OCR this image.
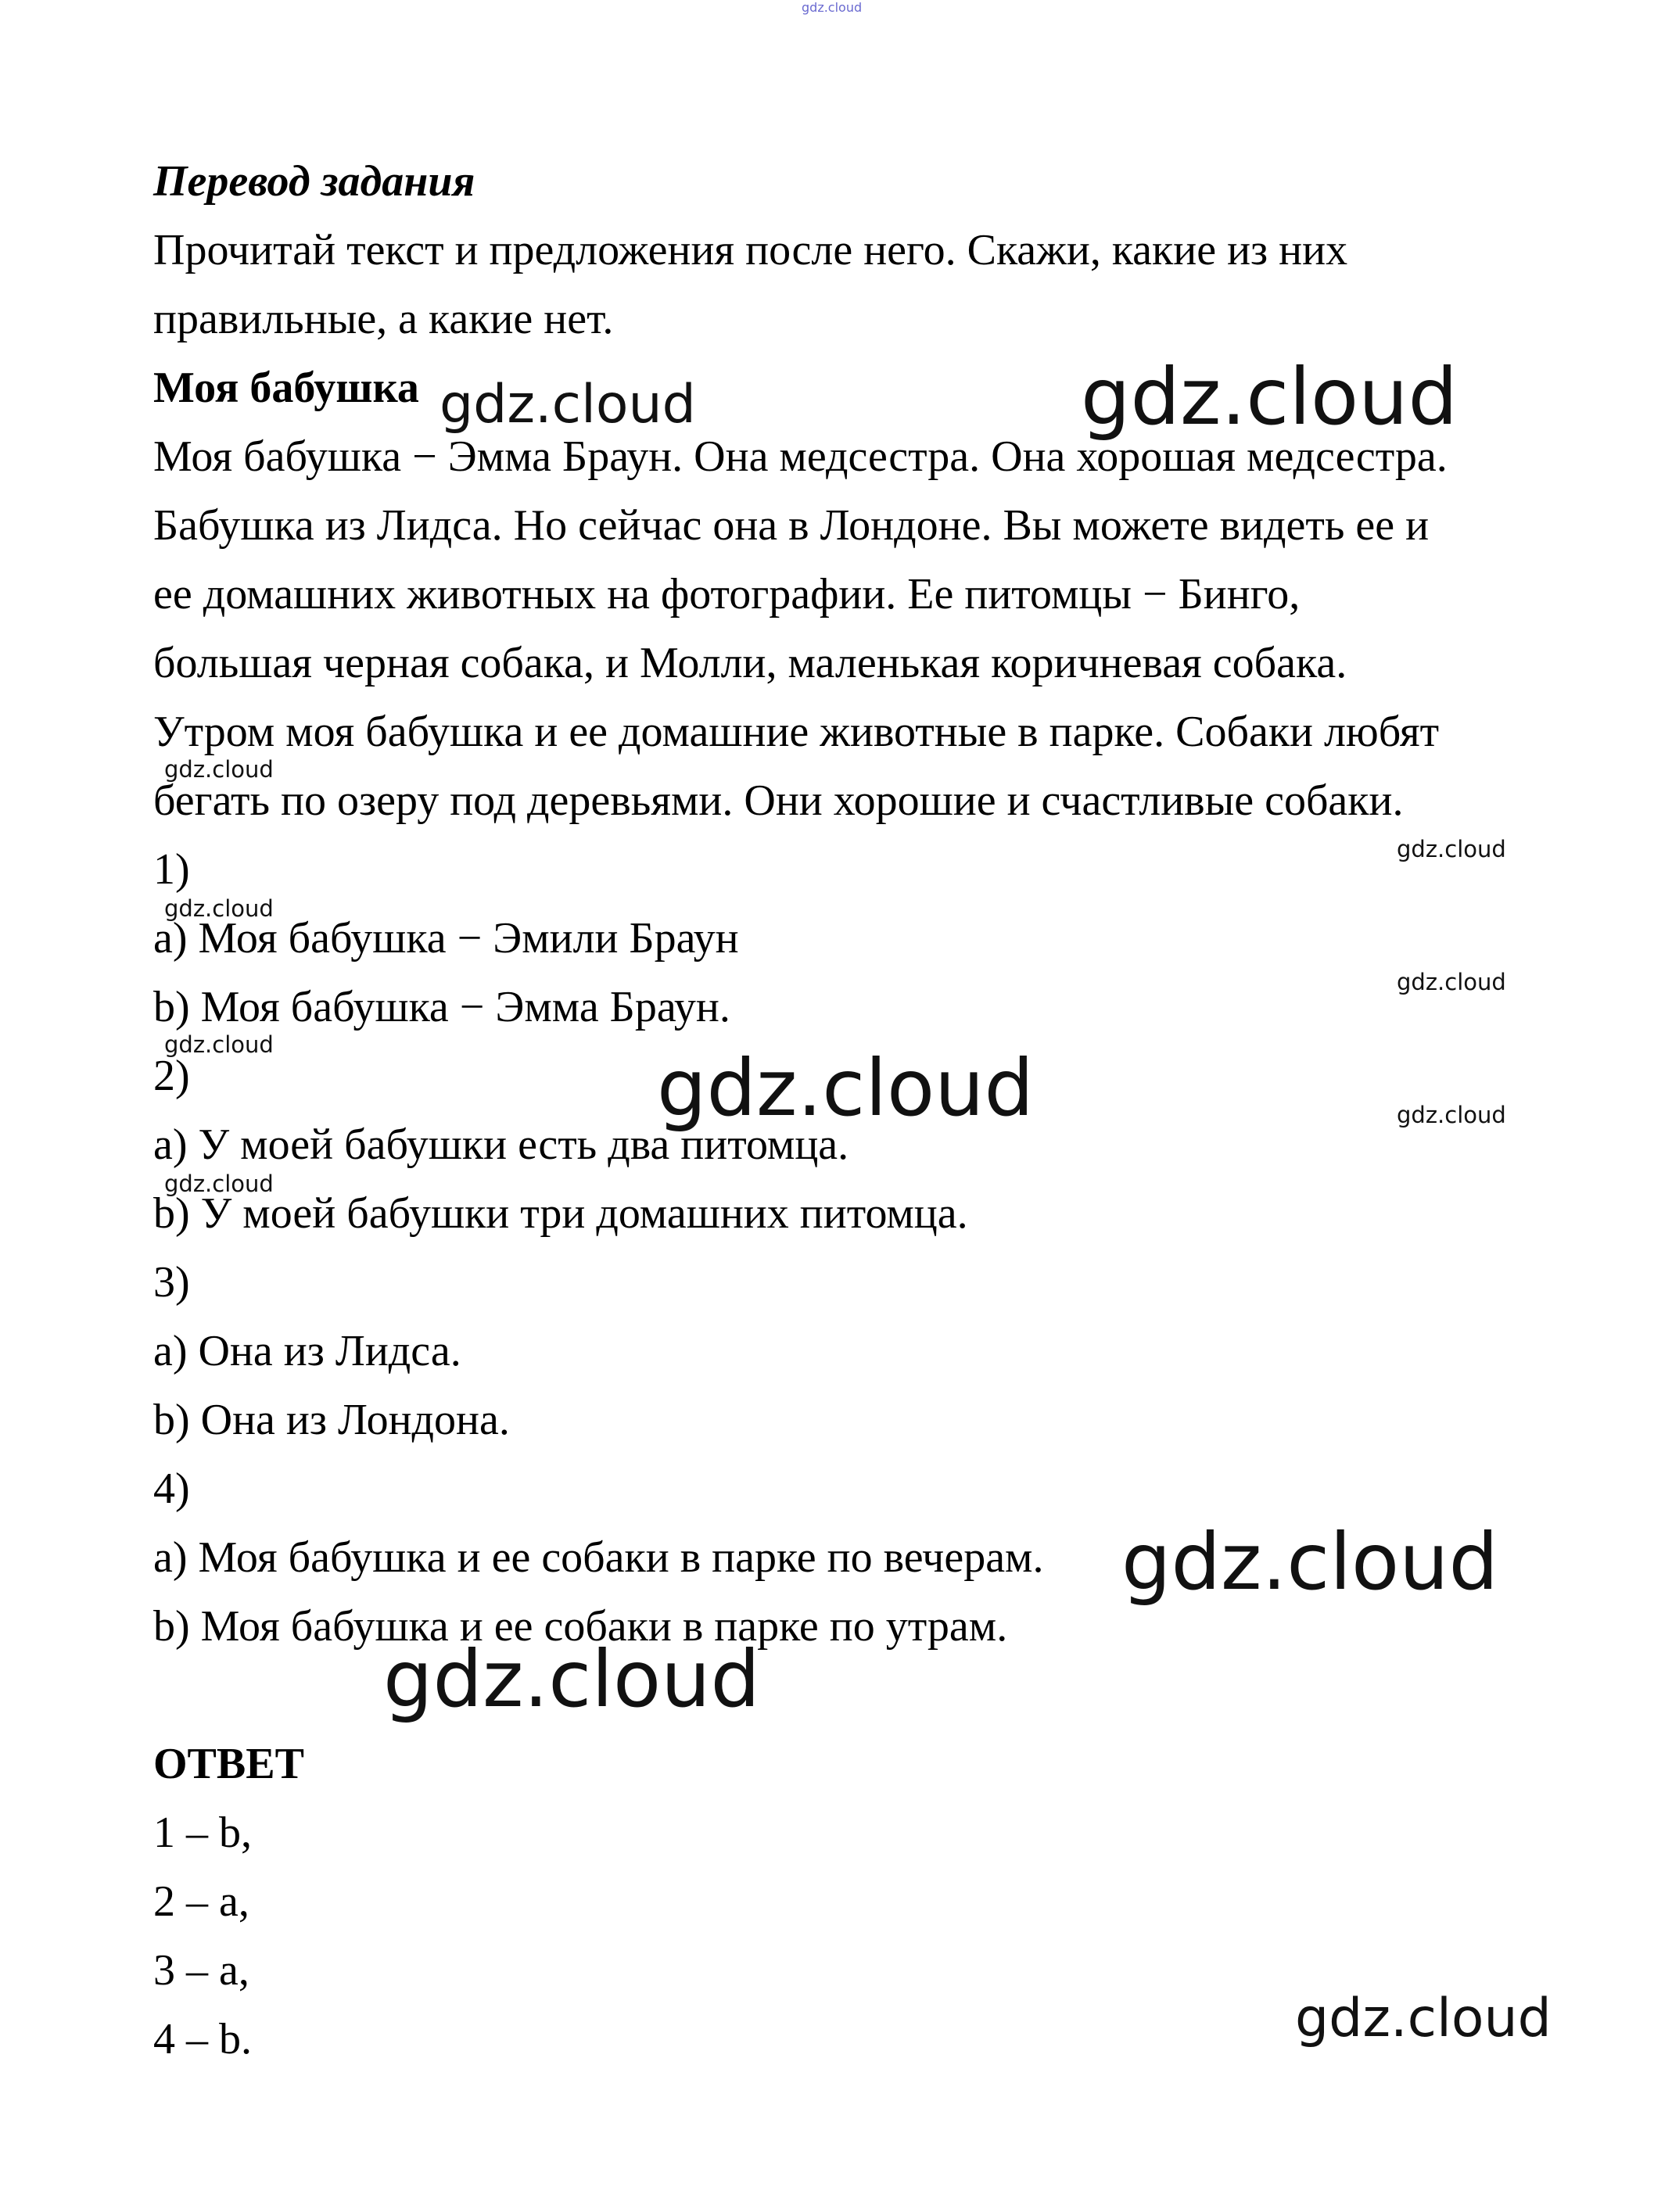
Перевод задания

Прочитай текст и предложения после него. Скажи, какие из них

правильные, а какие нет.

Моя бабушка

Моя бабушка − Эмма Браун. Она медсестра. Она хорошая медсестра.

Бабушка из Лидса. Но сейчас она в Лондоне. Вы можете видеть ее и

ее домашних животных на фотографии. Ее питомцы − Бинго,

большая черная собака, и Молли, маленькая коричневая собака.

Утром моя бабушка и ее домашние животные в парке. Собаки любят

бегать по озеру под деревьями. Они хорошие и счастливые собаки.

1)

a) Моя бабушка − Эмили Браун

b) Моя бабушка − Эмма Браун.

2)

a) У моей бабушки есть два питомца.

b) У моей бабушки три домашних питомца.

3)

a) Она из Лидса.

b) Она из Лондона.

4)

a) Моя бабушка и ее собаки в парке по вечерам.

b) Моя бабушка и ее собаки в парке по утрам.

ОТВЕТ

1 – b,

2 – a,

3 – a,

4 – b.

gdz.cloud
gdz.cloud	gdz.cloud
gdz.cloud
gdz.cloud
gdz.cloud
gdz.cloud
gdz.cloud	gdz.cloud	gdz.cloud
gdz.cloud
gdz.cloud
gdz.cloud
gdz.cloud
